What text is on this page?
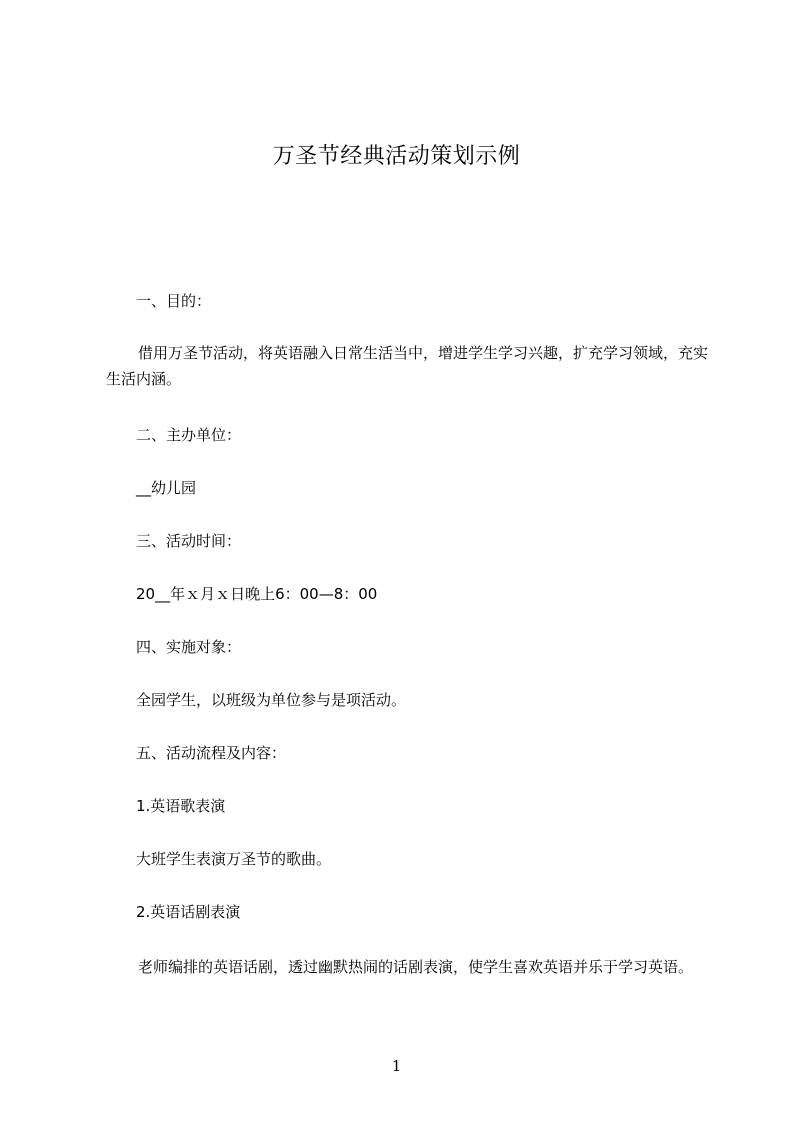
万圣节经典活动策划示例
一、目的：
借用万圣节活动，将英语融入日常生活当中，增进学生学习兴趣，扩充学习领域，充实生活内涵。
二、主办单位：
__幼儿园
三、活动时间：
20__年ｘ月ｘ日晚上6：00—8：00
四、实施对象：
全园学生，以班级为单位参与是项活动。
五、活动流程及内容：
1.英语歌表演
大班学生表演万圣节的歌曲。
2.英语话剧表演
老师编排的英语话剧，透过幽默热闹的话剧表演，使学生喜欢英语并乐于学习英语。
1
